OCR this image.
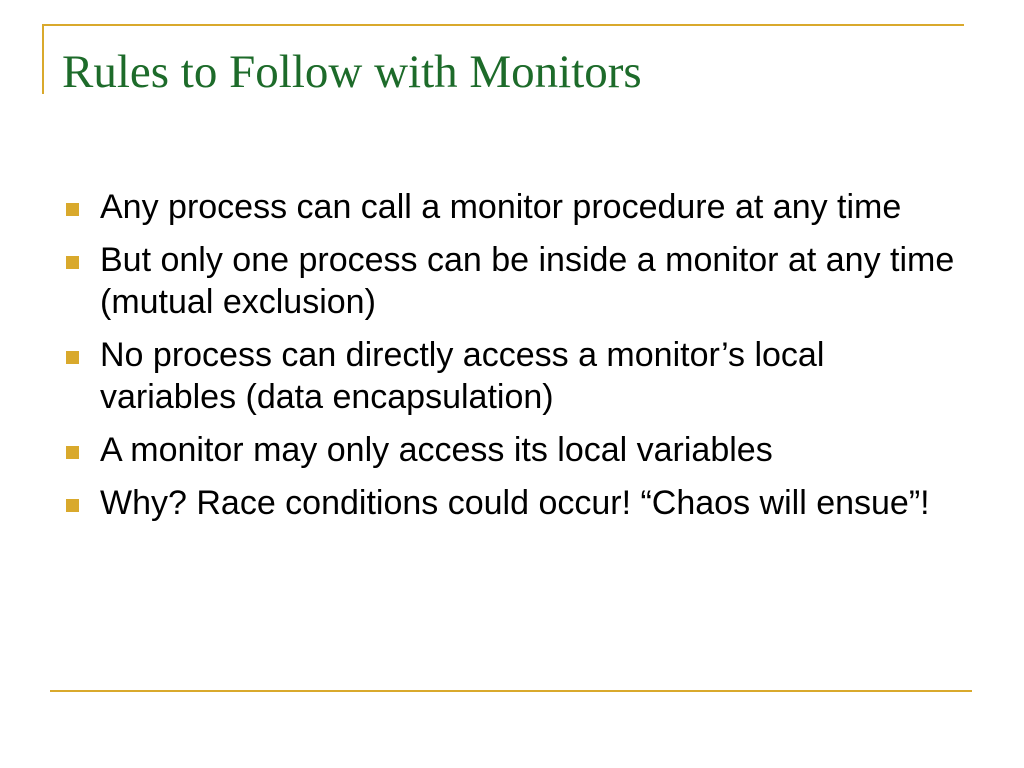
Rules to Follow with Monitors
Any process can call a monitor procedure at any time
But only one process can be inside a monitor at any time (mutual exclusion)
No process can directly access a monitor’s local variables (data encapsulation)
A monitor may only access its local variables
Why? Race conditions could occur! “Chaos will ensue”!
